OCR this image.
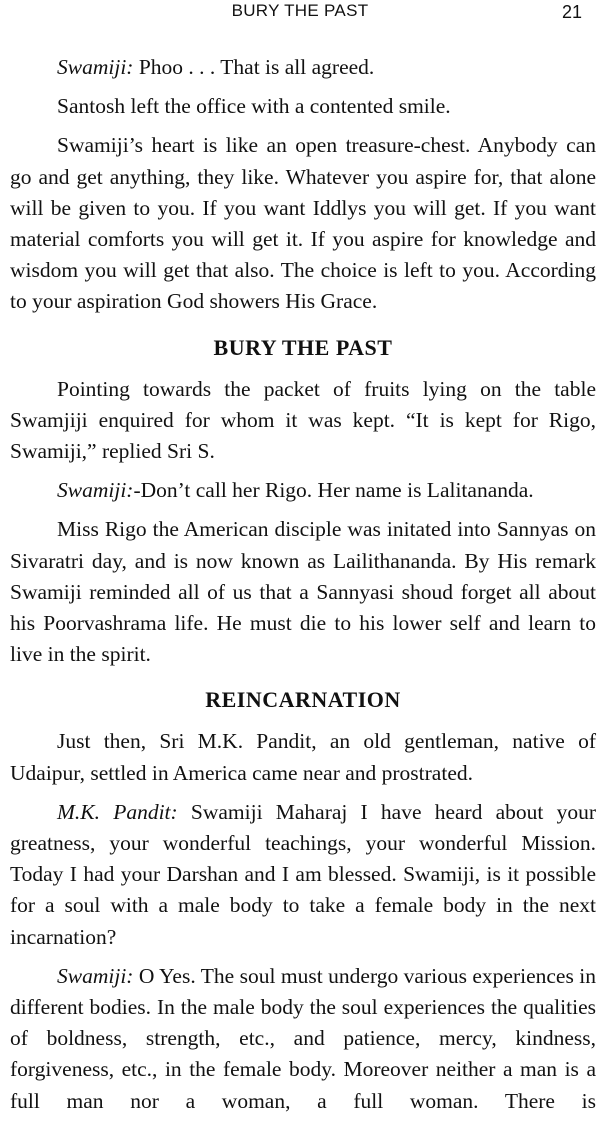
BURY THE PAST	21

Swamiji: Phoo . . . That is all agreed.

Santosh left the office with a contented smile.

Swamiji’s heart is like an open treasure-chest. Anybody can go and get anything, they like. Whatever you aspire for, that alone will be given to you. If you want Iddlys you will get. If you want material comforts you will get it. If you aspire for knowledge and wisdom you will get that also. The choice is left to you. According to your aspiration God showers His Grace.

BURY THE PAST

Pointing towards the packet of fruits lying on the table Swamjiji enquired for whom it was kept. “It is kept for Rigo, Swamiji,” replied Sri S.

Swamiji:-Don’t call her Rigo. Her name is Lalitananda.

Miss Rigo the American disciple was initated into Sannyas on Sivaratri day, and is now known as Lailithananda. By His remark Swamiji reminded all of us that a Sannyasi shoud forget all about his Poorvashrama life. He must die to his lower self and learn to live in the spirit.

REINCARNATION

Just then, Sri M.K. Pandit, an old gentleman, native of Udaipur, settled in America came near and prostrated.

M.K. Pandit: Swamiji Maharaj I have heard about your greatness, your wonderful teachings, your wonderful Mission. Today I had your Darshan and I am blessed. Swamiji, is it possible for a soul with a male body to take a female body in the next incarnation?

Swamiji: O Yes. The soul must undergo various experiences in different bodies. In the male body the soul experiences the qualities of boldness, strength, etc., and patience, mercy, kindness, forgiveness, etc., in the female body. Moreover neither a man is a full man nor a woman, a full woman. There is
